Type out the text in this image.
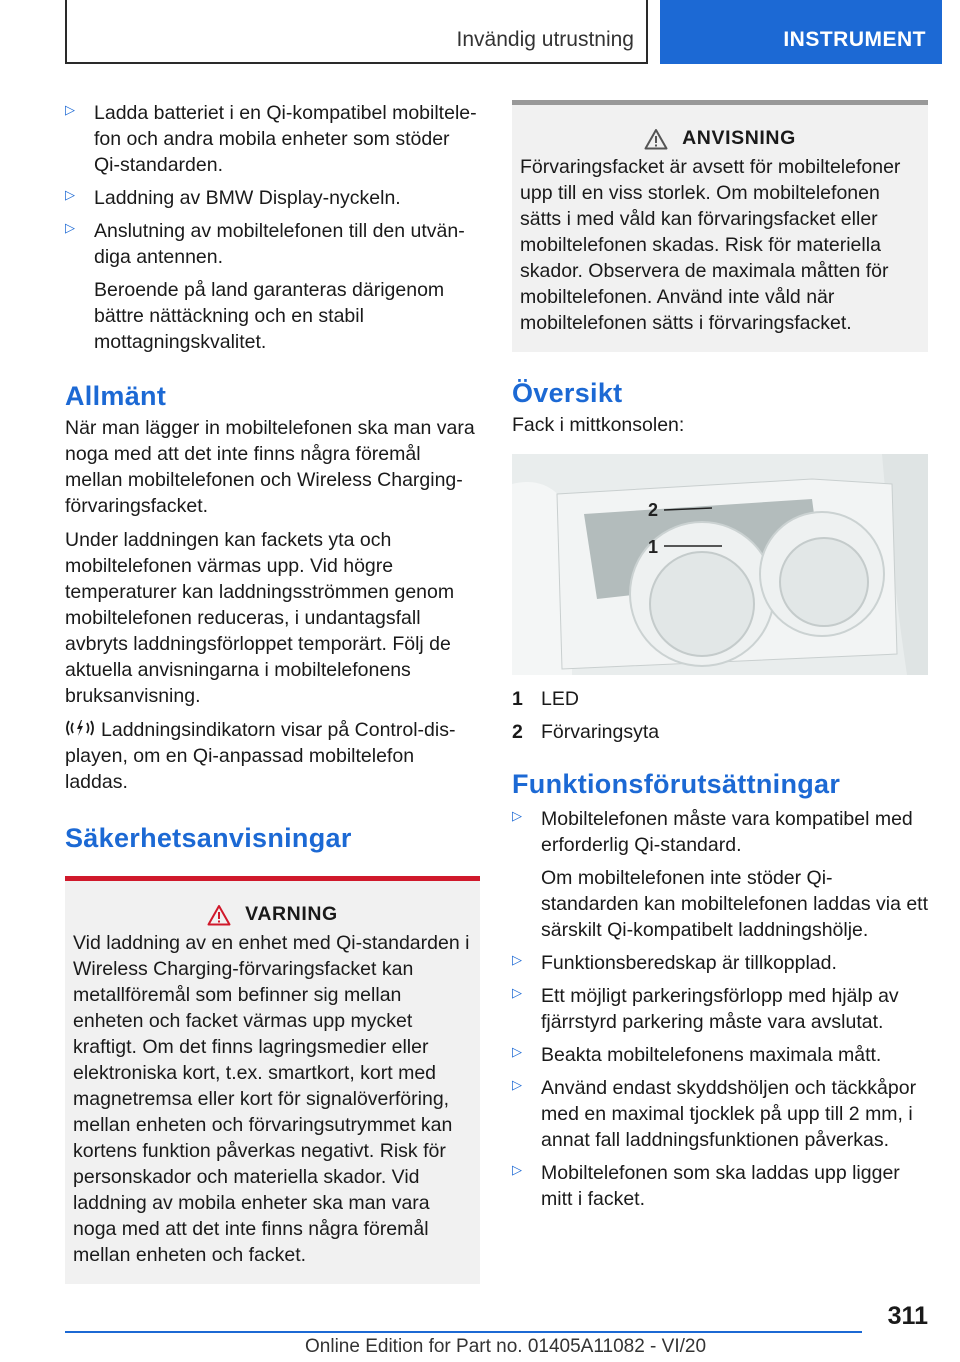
Invändig utrustning	INSTRUMENT
▷ Ladda batteriet i en Qi-kompatibel mobiltelefon och andra mobila enheter som stöder Qi-standarden.

▷ Laddning av BMW Display-nyckeln.

▷ Anslutning av mobiltelefonen till den utvändiga antennen.

Beroende på land garanteras därigenom bättre nättäckning och en stabil mottagningskvalitet.

Allmänt

När man lägger in mobiltelefonen ska man vara noga med att det inte finns några föremål mellan mobiltelefonen och Wireless Charging-förvaringsfacket.

Under laddningen kan fackets yta och mobiltelefonen värmas upp. Vid högre temperaturer kan laddningsströmmen genom mobiltelefonen reduceras, i undantagsfall avbryts laddningsförloppet temporärt. Följ de aktuella anvisningarna i mobiltelefonens bruksanvisning.

Laddningsindikatorn visar på Control-displayen, om en Qi-anpassad mobiltelefon laddas.

Säkerhetsanvisningar
VARNING

Vid laddning av en enhet med Qi-standarden i Wireless Charging-förvaringsfacket kan metallföremål som befinner sig mellan enheten och facket värmas upp mycket kraftigt. Om det finns lagringsmedier eller elektroniska kort, t.ex. smartkort, kort med magnetremsa eller kort för signalöverföring, mellan enheten och förvaringsutrymmet kan kortens funktion påverkas negativt. Risk för personskador och materiella skador. Vid laddning av mobila enheter ska man vara noga med att det inte finns några föremål mellan enheten och facket.

ANVISNING

Förvaringsfacket är avsett för mobiltelefoner upp till en viss storlek. Om mobiltelefonen sätts i med våld kan förvaringsfacket eller mobiltelefonen skadas. Risk för materiella skador. Observera de maximala måtten för mobiltelefonen. Använd inte våld när mobiltelefonen sätts i förvaringsfacket.

Översikt

Fack i mittkonsolen:

2
1
1 LED
2 Förvaringsyta
Funktionsförutsättningar
▷ Mobiltelefonen måste vara kompatibel med erforderlig Qi-standard.

Om mobiltelefonen inte stöder Qi-standarden kan mobiltelefonen laddas via ett särskilt Qi-kompatibelt laddningshölje.

▷ Funktionsberedskap är tillkopplad.

▷ Ett möjligt parkeringsförlopp med hjälp av fjärrstyrd parkering måste vara avslutat.

▷ Beakta mobiltelefonens maximala mått.

▷ Använd endast skyddshöljen och täckkåpor med en maximal tjocklek på upp till 2 mm, i annat fall laddningsfunktionen påverkas.

▷ Mobiltelefonen som ska laddas upp ligger mitt i facket.

311
Online Edition for Part no. 01405A11082 - VI/20
